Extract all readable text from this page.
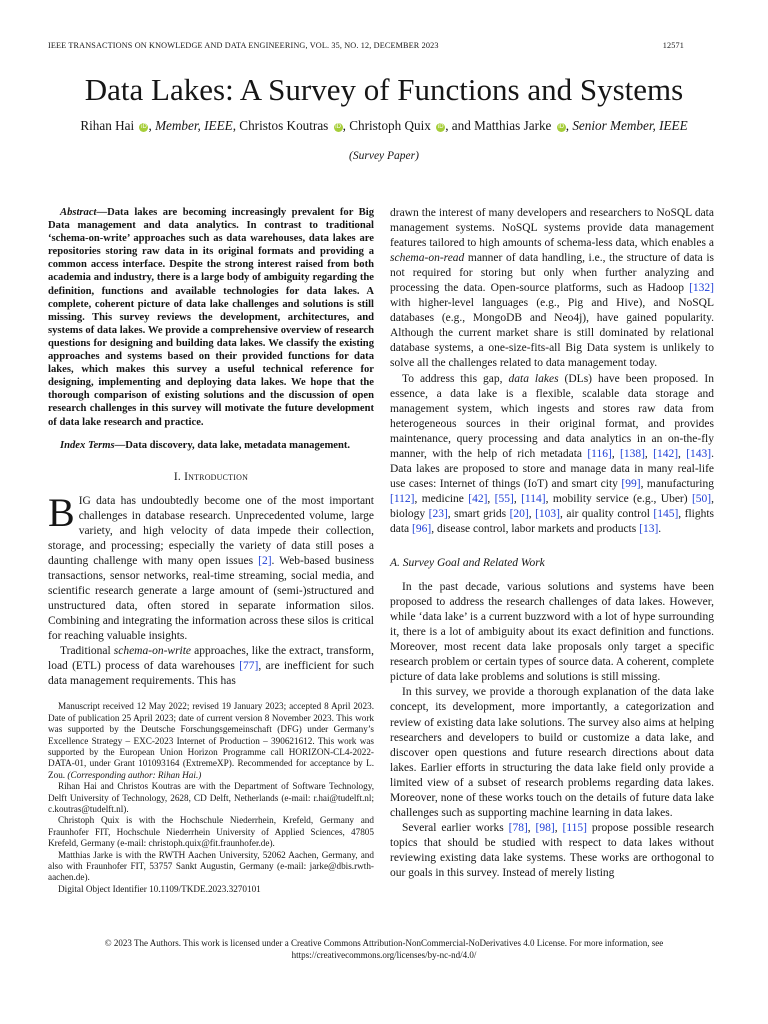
IEEE TRANSACTIONS ON KNOWLEDGE AND DATA ENGINEERING, VOL. 35, NO. 12, DECEMBER 2023	12571
Data Lakes: A Survey of Functions and Systems
Rihan Hai iD , Member, IEEE, Christos Koutras iD , Christoph Quix iD , and Matthias Jarke iD , Senior Member, IEEE
(Survey Paper)

Abstract—Data lakes are becoming increasingly prevalent for Big Data management and data analytics. In contrast to traditional ‘schema-on-write’ approaches such as data warehouses, data lakes are repositories storing raw data in its original formats and providing a common access interface. Despite the strong interest raised from both academia and industry, there is a large body of ambiguity regarding the definition, functions and available technologies for data lakes. A complete, coherent picture of data lake challenges and solutions is still missing. This survey reviews the development, architectures, and systems of data lakes. We provide a comprehensive overview of research questions for designing and building data lakes. We classify the existing approaches and systems based on their provided functions for data lakes, which makes this survey a useful technical reference for designing, implementing and deploying data lakes. We hope that the thorough comparison of existing solutions and the discussion of open research challenges in this survey will motivate the future development of data lake research and practice.

Index Terms—Data discovery, data lake, metadata management.

I. Introduction

BIG data has undoubtedly become one of the most important challenges in database research. Unprecedented volume, large variety, and high velocity of data impede their collection, storage, and processing; especially the variety of data still poses a daunting challenge with many open issues [2]. Web-based business transactions, sensor networks, real-time streaming, social media, and scientific research generate a large amount of (semi-)structured and unstructured data, often stored in separate information silos. Combining and integrating the information across these silos is critical for reaching valuable insights.

Traditional schema-on-write approaches, like the extract, transform, load (ETL) process of data warehouses [77], are inefficient for such data management requirements. This has

Manuscript received 12 May 2022; revised 19 January 2023; accepted 8 April 2023. Date of publication 25 April 2023; date of current version 8 November 2023. This work was supported by the Deutsche Forschungsgemeinschaft (DFG) under Germany’s Excellence Strategy – EXC-2023 Internet of Production – 390621612. This work was supported by the European Union Horizon Programme call HORIZON-CL4-2022-DATA-01, under Grant 101093164 (ExtremeXP). Recommended for acceptance by L. Zou. (Corresponding author: Rihan Hai.)

Rihan Hai and Christos Koutras are with the Department of Software Technology, Delft University of Technology, 2628, CD Delft, Netherlands (e-mail: r.hai@tudelft.nl; c.koutras@tudelft.nl).

Christoph Quix is with the Hochschule Niederrhein, Krefeld, Germany and Fraunhofer FIT, Hochschule Niederrhein University of Applied Sciences, 47805 Krefeld, Germany (e-mail: christoph.quix@fit.fraunhofer.de).

Matthias Jarke is with the RWTH Aachen University, 52062 Aachen, Germany, and also with Fraunhofer FIT, 53757 Sankt Augustin, Germany (e-mail: jarke@dbis.rwth-aachen.de).

Digital Object Identifier 10.1109/TKDE.2023.3270101

drawn the interest of many developers and researchers to NoSQL data management systems. NoSQL systems provide data management features tailored to high amounts of schema-less data, which enables a schema-on-read manner of data handling, i.e., the structure of data is not required for storing but only when further analyzing and processing the data. Open-source platforms, such as Hadoop [132] with higher-level languages (e.g., Pig and Hive), and NoSQL databases (e.g., MongoDB and Neo4j), have gained popularity. Although the current market share is still dominated by relational database systems, a one-size-fits-all Big Data system is unlikely to solve all the challenges related to data management today.

To address this gap, data lakes (DLs) have been proposed. In essence, a data lake is a flexible, scalable data storage and management system, which ingests and stores raw data from heterogeneous sources in their original format, and provides maintenance, query processing and data analytics in an on-the-fly manner, with the help of rich metadata [116], [138], [142], [143]. Data lakes are proposed to store and manage data in many real-life use cases: Internet of things (IoT) and smart city [99], manufacturing [112], medicine [42], [55], [114], mobility service (e.g., Uber) [50], biology [23], smart grids [20], [103], air quality control [145], flights data [96], disease control, labor markets and products [13].

A. Survey Goal and Related Work

In the past decade, various solutions and systems have been proposed to address the research challenges of data lakes. However, while ‘data lake’ is a current buzzword with a lot of hype surrounding it, there is a lot of ambiguity about its exact definition and functions. Moreover, most recent data lake proposals only target a specific research problem or certain types of source data. A coherent, complete picture of data lake problems and solutions is still missing.

In this survey, we provide a thorough explanation of the data lake concept, its development, more importantly, a categorization and review of existing data lake solutions. The survey also aims at helping researchers and developers to build or customize a data lake, and discover open questions and future research directions about data lakes. Earlier efforts in structuring the data lake field only provide a limited view of a subset of research problems regarding data lakes. Moreover, none of these works touch on the details of future data lake challenges such as supporting machine learning in data lakes.

Several earlier works [78], [98], [115] propose possible research topics that should be studied with respect to data lakes without reviewing existing data lake systems. These works are orthogonal to our goals in this survey. Instead of merely listing

© 2023 The Authors. This work is licensed under a Creative Commons Attribution-NonCommercial-NoDerivatives 4.0 License. For more information, see
https://creativecommons.org/licenses/by-nc-nd/4.0/
